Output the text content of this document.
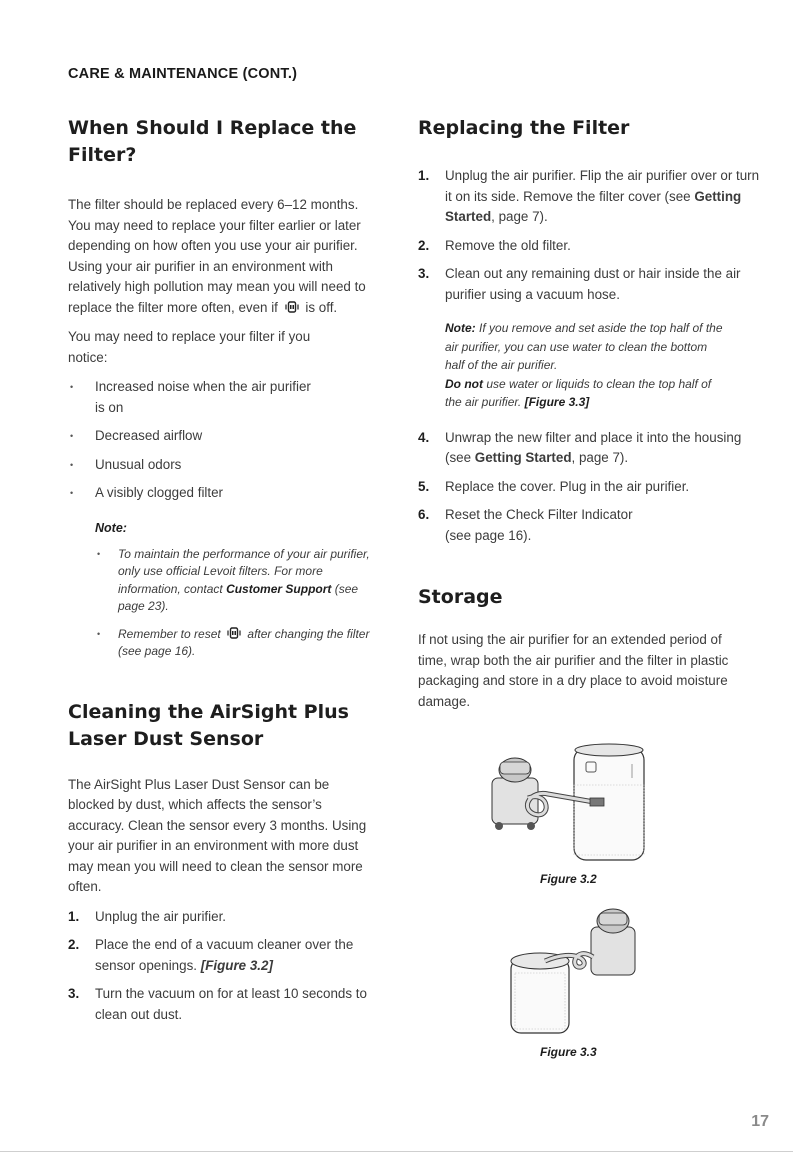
CARE & MAINTENANCE (CONT.)
When Should I Replace the Filter?

The filter should be replaced every 6–12 months. You may need to replace your filter earlier or later depending on how often you use your air purifier. Using your air purifier in an environment with relatively high pollution may mean you will need to replace the filter more often, even if is off.

You may need to replace your filter if you notice:

• Increased noise when the air purifier is on
• Decreased airflow
• Unusual odors
• A visibly clogged filter
Note:
• To maintain the performance of your air purifier, only use official Levoit filters. For more information, contact Customer Support (see page 23).
• Remember to reset after changing the filter (see page 16).
Cleaning the AirSight Plus Laser Dust Sensor

The AirSight Plus Laser Dust Sensor can be blocked by dust, which affects the sensor’s accuracy. Clean the sensor every 3 months. Using your air purifier in an environment with more dust may mean you will need to clean the sensor more often.

1. Unplug the air purifier.
2. Place the end of a vacuum cleaner over the sensor openings. [Figure 3.2]
3. Turn the vacuum on for at least 10 seconds to clean out dust.
Replacing the Filter
1. Unplug the air purifier. Flip the air purifier over or turn it on its side. Remove the filter cover (see Getting Started, page 7).
2. Remove the old filter.
3. Clean out any remaining dust or hair inside the air purifier using a vacuum hose.
Note: If you remove and set aside the top half of the air purifier, you can use water to clean the bottom half of the air purifier.
Do not use water or liquids to clean the top half of the air purifier. [Figure 3.3]
4. Unwrap the new filter and place it into the housing (see Getting Started, page 7).
5. Replace the cover. Plug in the air purifier.
6. Reset the Check Filter Indicator (see page 16).
Storage

If not using the air purifier for an extended period of time, wrap both the air purifier and the filter in plastic packaging and store in a dry place to avoid moisture damage.

Figure 3.2
Figure 3.3
17
